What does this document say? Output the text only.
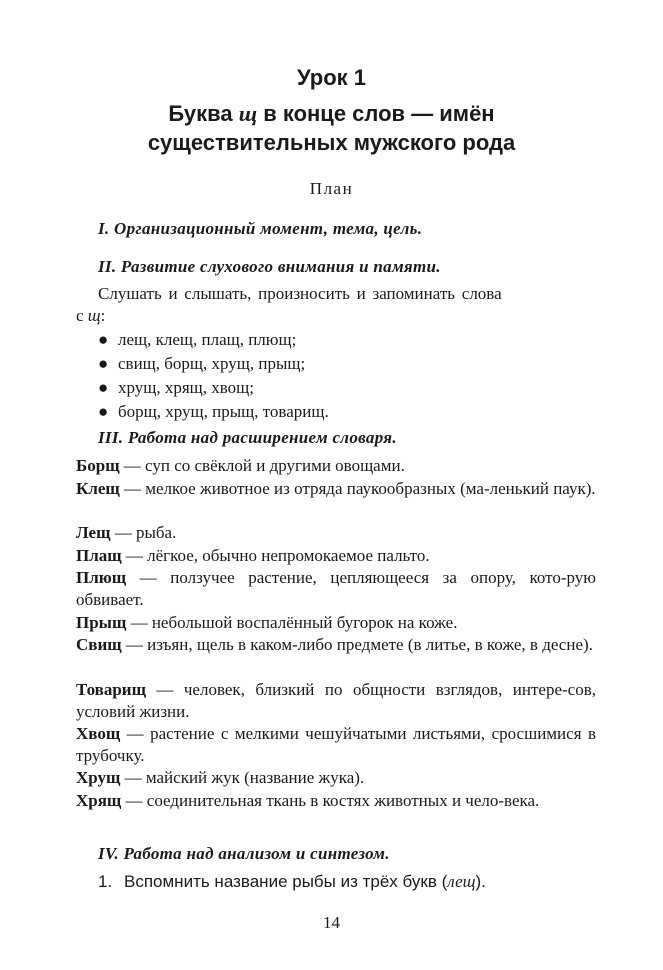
Урок 1
Буква щ в конце слов — имён
существительных мужского рода

План

I. Организационный момент, тема, цель.

II. Развитие слухового внимания и памяти.

Слушать и слышать, произносить и запоминать слова

с щ:

● лещ, клещ, плащ, плющ;

● свищ, борщ, хрущ, прыщ;

● хрущ, хрящ, хвощ;

● борщ, хрущ, прыщ, товарищ.

III. Работа над расширением словаря.

Борщ — суп со свёклой и другими овощами.

Клещ — мелкое животное из отряда паукообразных (ма-ленький паук).

Лещ — рыба.

Плащ — лёгкое, обычно непромокаемое пальто.

Плющ — ползучее растение, цепляющееся за опору, кото-рую обвивает.

Прыщ — небольшой воспалённый бугорок на коже.

Свищ — изъян, щель в каком-либо предмете (в литье, в коже, в десне).

Товарищ — человек, близкий по общности взглядов, интере-сов, условий жизни.

Хвощ — растение с мелкими чешуйчатыми листьями, сросшимися в трубочку.

Хрущ — майский жук (название жука).

Хрящ — соединительная ткань в костях животных и чело-века.

IV. Работа над анализом и синтезом.

1. Вспомнить название рыбы из трёх букв (лещ).

14
